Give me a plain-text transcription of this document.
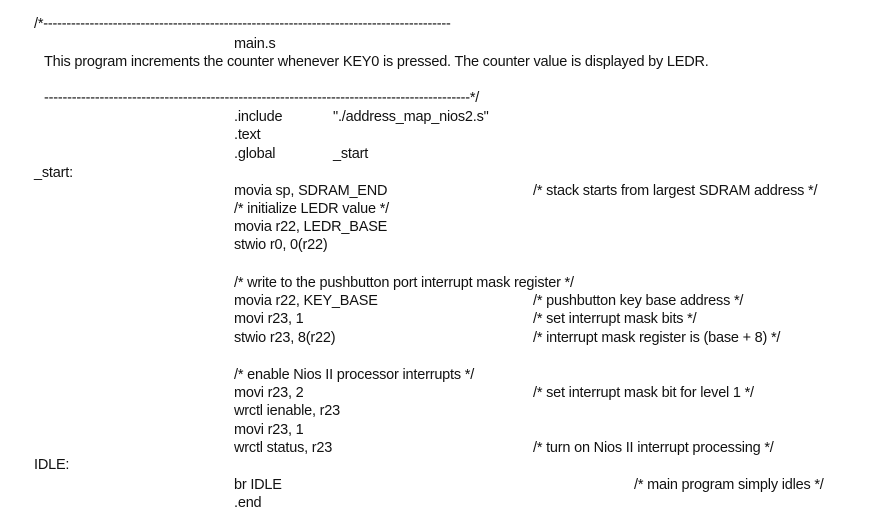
/*----------------------------------------------------------------------------------------
main.s
This program increments the counter whenever KEY0 is pressed. The counter value is displayed by LEDR.
--------------------------------------------------------------------------------------------*/
.include	"./address_map_nios2.s"
.text
.global	_start
_start:
movia sp, SDRAM_END	/* stack starts from largest SDRAM address */
/* initialize LEDR value */
movia r22, LEDR_BASE
stwio r0, 0(r22)
/* write to the pushbutton port interrupt mask register */
movia r22, KEY_BASE	/* pushbutton key base address */
movi r23, 1	/* set interrupt mask bits */
stwio r23, 8(r22)	/* interrupt mask register is (base + 8) */
/* enable Nios II processor interrupts */
movi r23, 2	/* set interrupt mask bit for level 1 */
wrctl ienable, r23
movi r23, 1
wrctl status, r23	/* turn on Nios II interrupt processing */
IDLE:
br IDLE	/* main program simply idles */
.end
